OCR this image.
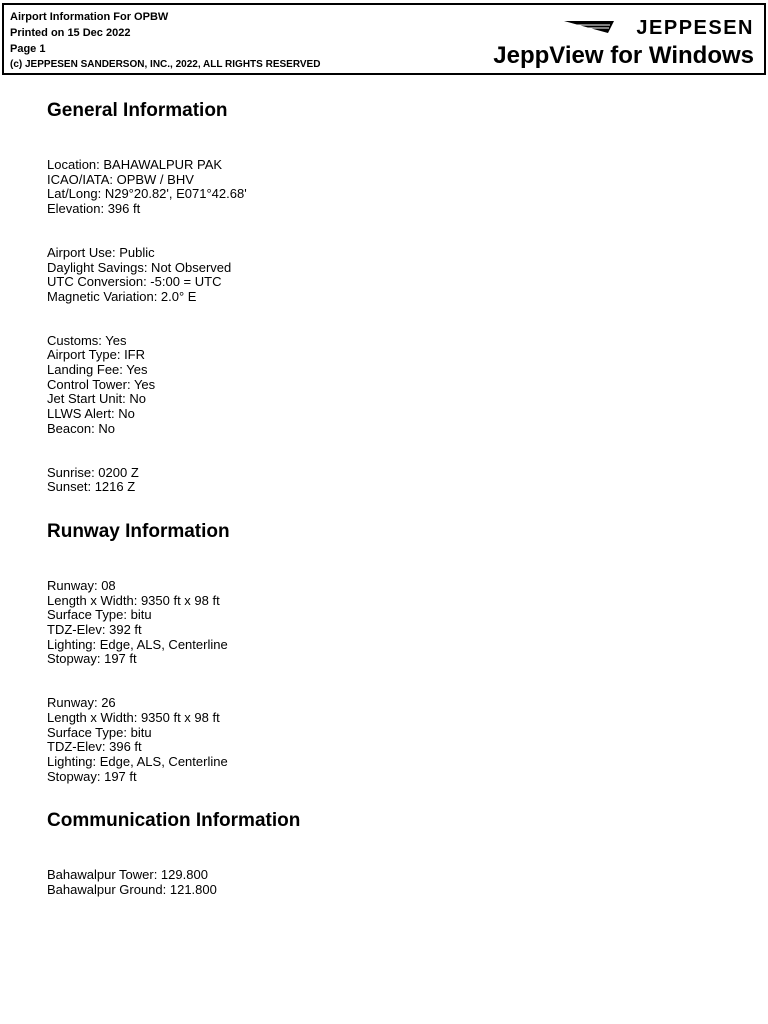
Airport Information For OPBW
Printed on 15 Dec 2022
Page 1
(c) JEPPESEN SANDERSON, INC., 2022, ALL RIGHTS RESERVED
JEPPESEN
JeppView for Windows
General Information
Location: BAHAWALPUR PAK
ICAO/IATA: OPBW / BHV
Lat/Long: N29°20.82', E071°42.68'
Elevation: 396 ft
Airport Use: Public
Daylight Savings: Not Observed
UTC Conversion: -5:00 = UTC
Magnetic Variation: 2.0° E
Customs: Yes
Airport Type: IFR
Landing Fee: Yes
Control Tower: Yes
Jet Start Unit: No
LLWS Alert: No
Beacon: No
Sunrise: 0200 Z
Sunset: 1216 Z
Runway Information
Runway: 08
Length x Width: 9350 ft x 98 ft
Surface Type: bitu
TDZ-Elev: 392 ft
Lighting: Edge, ALS, Centerline
Stopway: 197 ft
Runway: 26
Length x Width: 9350 ft x 98 ft
Surface Type: bitu
TDZ-Elev: 396 ft
Lighting: Edge, ALS, Centerline
Stopway: 197 ft
Communication Information
Bahawalpur Tower: 129.800
Bahawalpur Ground: 121.800
